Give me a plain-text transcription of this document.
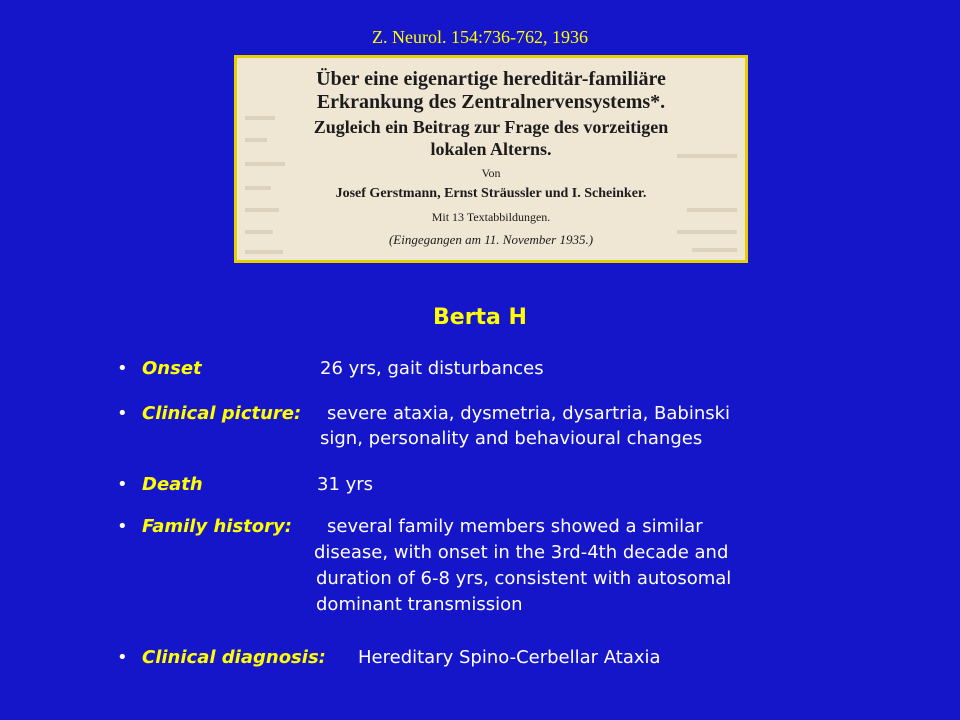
Z. Neurol. 154:736-762, 1936
Über eine eigenartige hereditär-familiäre
Erkrankung des Zentralnervensystems*.
Zugleich ein Beitrag zur Frage des vorzeitigen
lokalen Alterns.
Von
Josef Gerstmann, Ernst Sträussler und I. Scheinker.
Mit 13 Textabbildungen.
(Eingegangen am 11. November 1935.)
Berta H
• Onset	26 yrs, gait disturbances
• Clinical picture: severe ataxia, dysmetria, dysartria, Babinski
sign, personality and behavioural changes
• Death	31 yrs
• Family history: several family members showed a similar
disease, with onset in the 3rd-4th decade and
duration of 6-8 yrs, consistent with autosomal
dominant transmission
• Clinical diagnosis: Hereditary Spino-Cerbellar Ataxia
